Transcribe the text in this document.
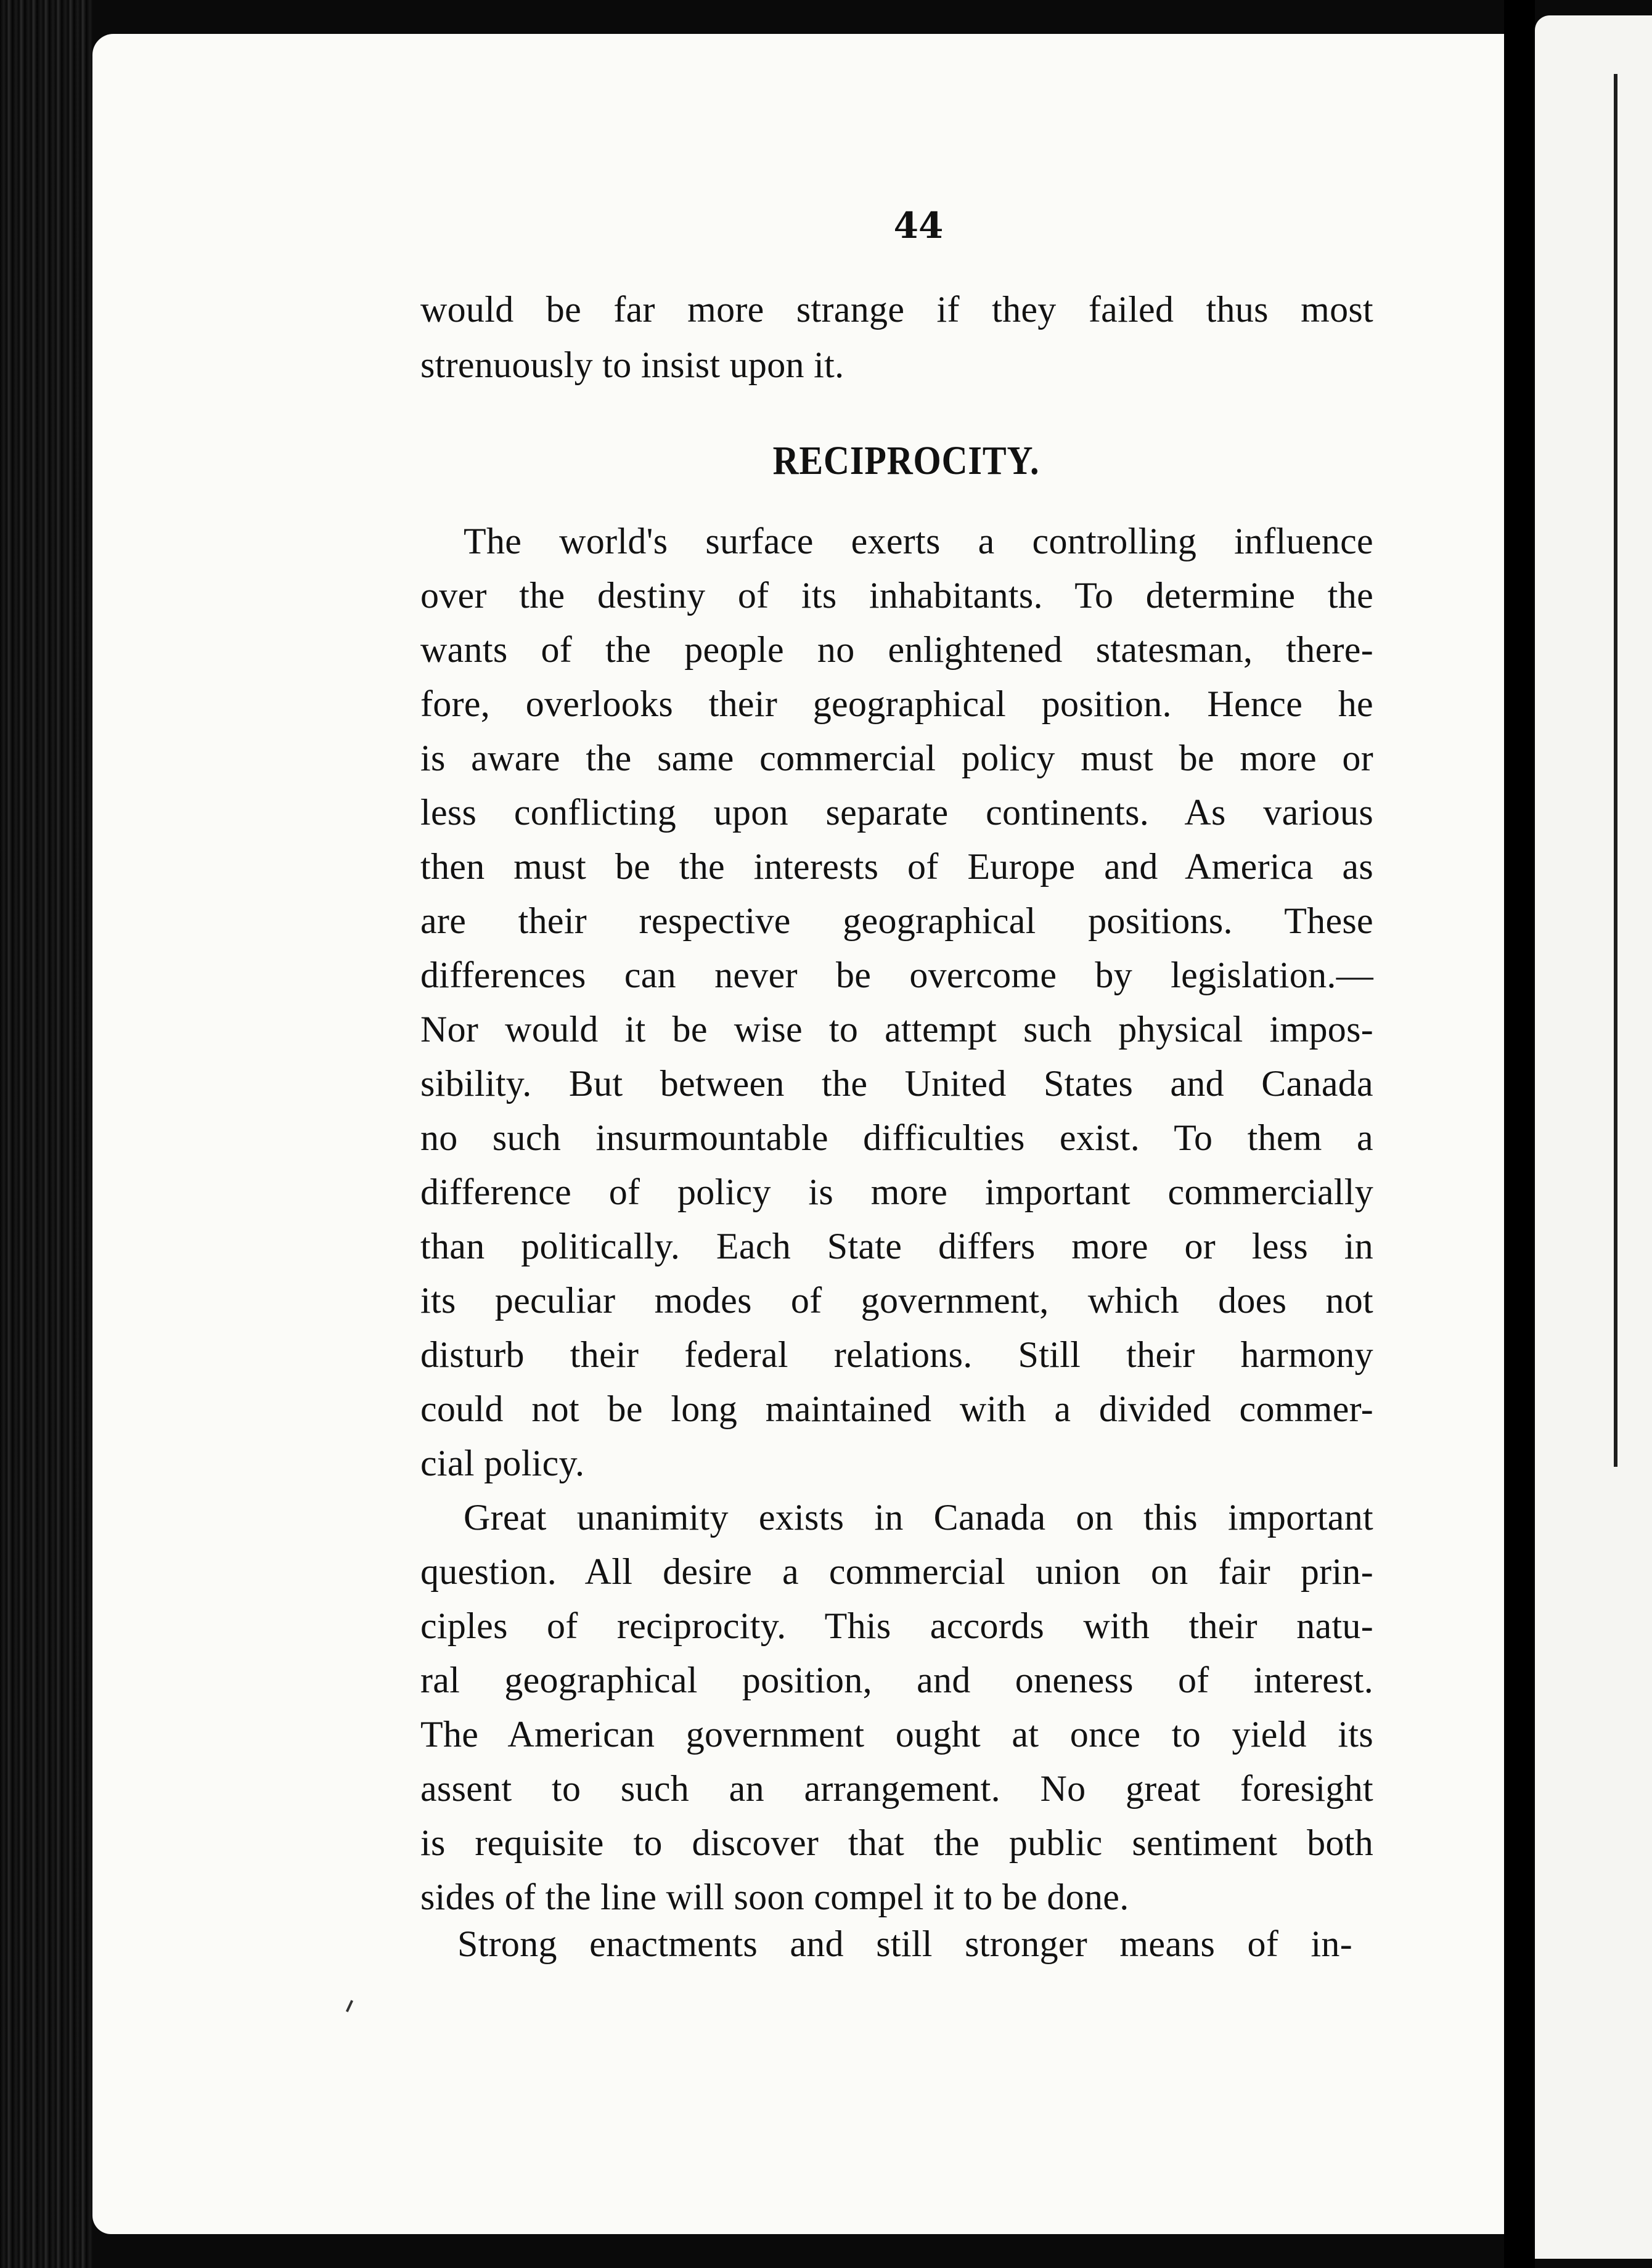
44
would be far more strange if they failed thus most
strenuously to insist upon it.
RECIPROCITY.
The world's surface exerts a controlling influence
over the destiny of its inhabitants. To determine the
wants of the people no enlightened statesman, there-
fore, overlooks their geographical position. Hence he
is aware the same commercial policy must be more or
less conflicting upon separate continents. As various
then must be the interests of Europe and America as
are their respective geographical positions. These
differences can never be overcome by legislation.—
Nor would it be wise to attempt such physical impos-
sibility. But between the United States and Canada
no such insurmountable difficulties exist. To them a
difference of policy is more important commercially
than politically. Each State differs more or less in
its peculiar modes of government, which does not
disturb their federal relations. Still their harmony
could not be long maintained with a divided commer-
cial policy.
Great unanimity exists in Canada on this important
question. All desire a commercial union on fair prin-
ciples of reciprocity. This accords with their natu-
ral geographical position, and oneness of interest.
The American government ought at once to yield its
assent to such an arrangement. No great foresight
is requisite to discover that the public sentiment both
sides of the line will soon compel it to be done.
Strong enactments and still stronger means of in-
